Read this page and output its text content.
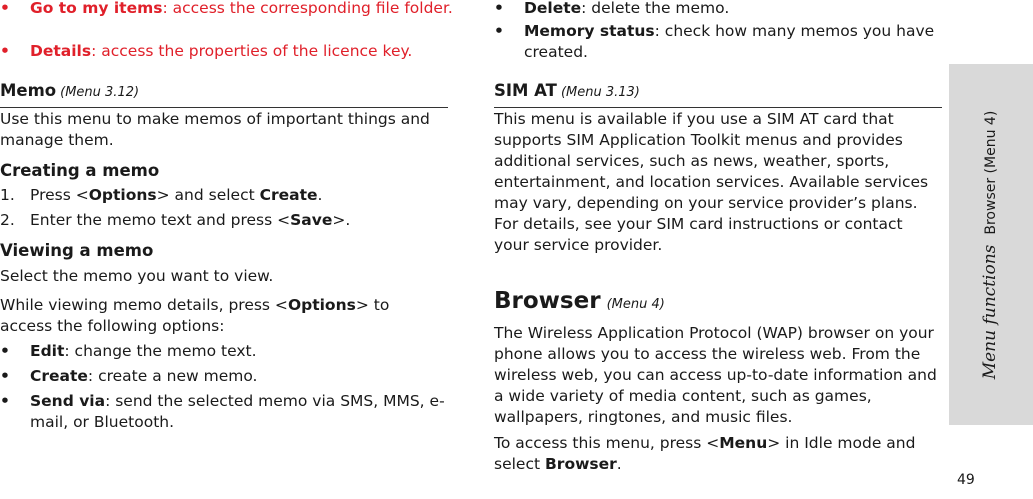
• Go to my items: access the corresponding file folder.
• Details: access the properties of the licence key.
Memo (Menu 3.12)
Use this menu to make memos of important things and manage them.
Creating a memo
1. Press <Options> and select Create.
2. Enter the memo text and press <Save>.
Viewing a memo
Select the memo you want to view.
While viewing memo details, press <Options> to access the following options:
• Edit: change the memo text.
• Create: create a new memo.
• Send via: send the selected memo via SMS, MMS, e-mail, or Bluetooth.
• Delete: delete the memo.
• Memory status: check how many memos you have created.
SIM AT (Menu 3.13)
This menu is available if you use a SIM AT card that supports SIM Application Toolkit menus and provides additional services, such as news, weather, sports, entertainment, and location services. Available services may vary, depending on your service provider’s plans. For details, see your SIM card instructions or contact your service provider.
Browser (Menu 4)
The Wireless Application Protocol (WAP) browser on your phone allows you to access the wireless web. From the wireless web, you can access up-to-date information and a wide variety of media content, such as games, wallpapers, ringtones, and music files.
To access this menu, press <Menu> in Idle mode and select Browser.
Menu functionsBrowser (Menu 4)
49
